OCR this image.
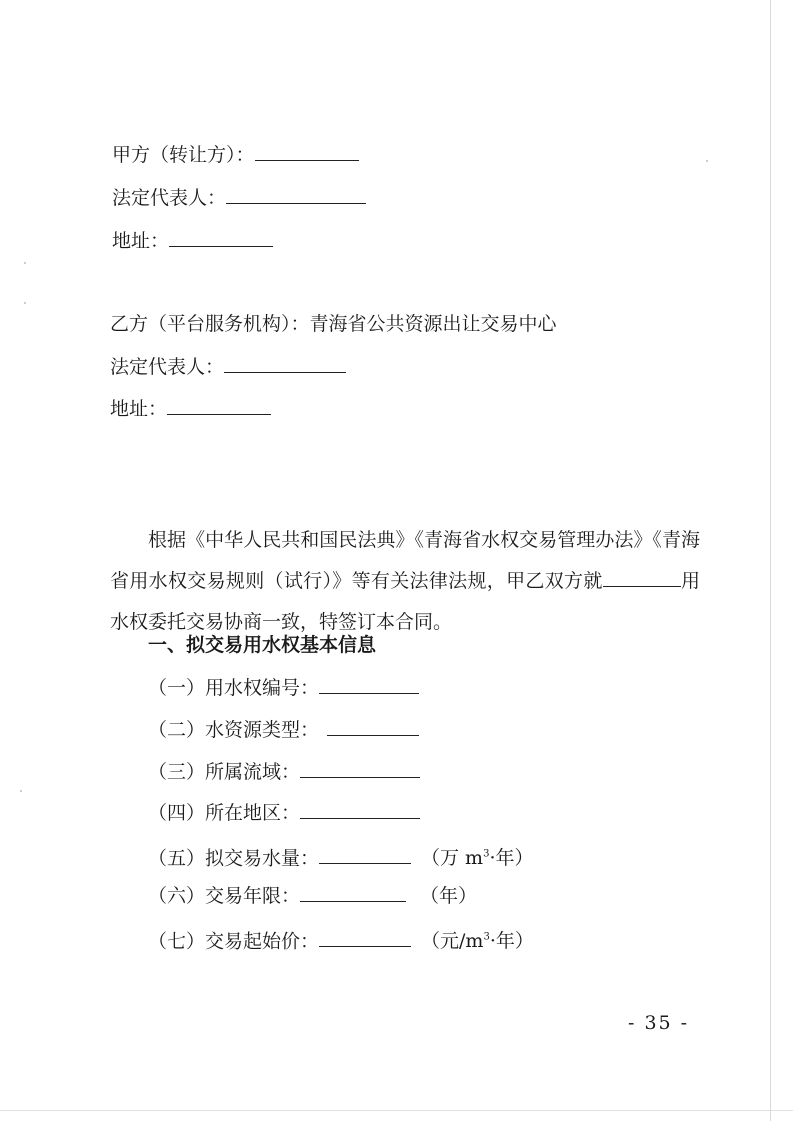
甲方（转让方）：
法定代表人：
地址：
乙方（平台服务机构）：青海省公共资源出让交易中心
法定代表人：
地址：
根据《中华人民共和国民法典》《青海省水权交易管理办法》《青海省用水权交易规则（试行）》等有关法律法规，甲乙双方就	用水权委托交易协商一致，特签订本合同。
一、拟交易用水权基本信息
（一）用水权编号：
（二）水资源类型：
（三）所属流域：
（四）所在地区：
（五）拟交易水量：	（万 $m^3\cdot$年）
（六）交易年限：	（年）
（七）交易起始价：	（元$/m^3\cdot$年）
- 35 -
